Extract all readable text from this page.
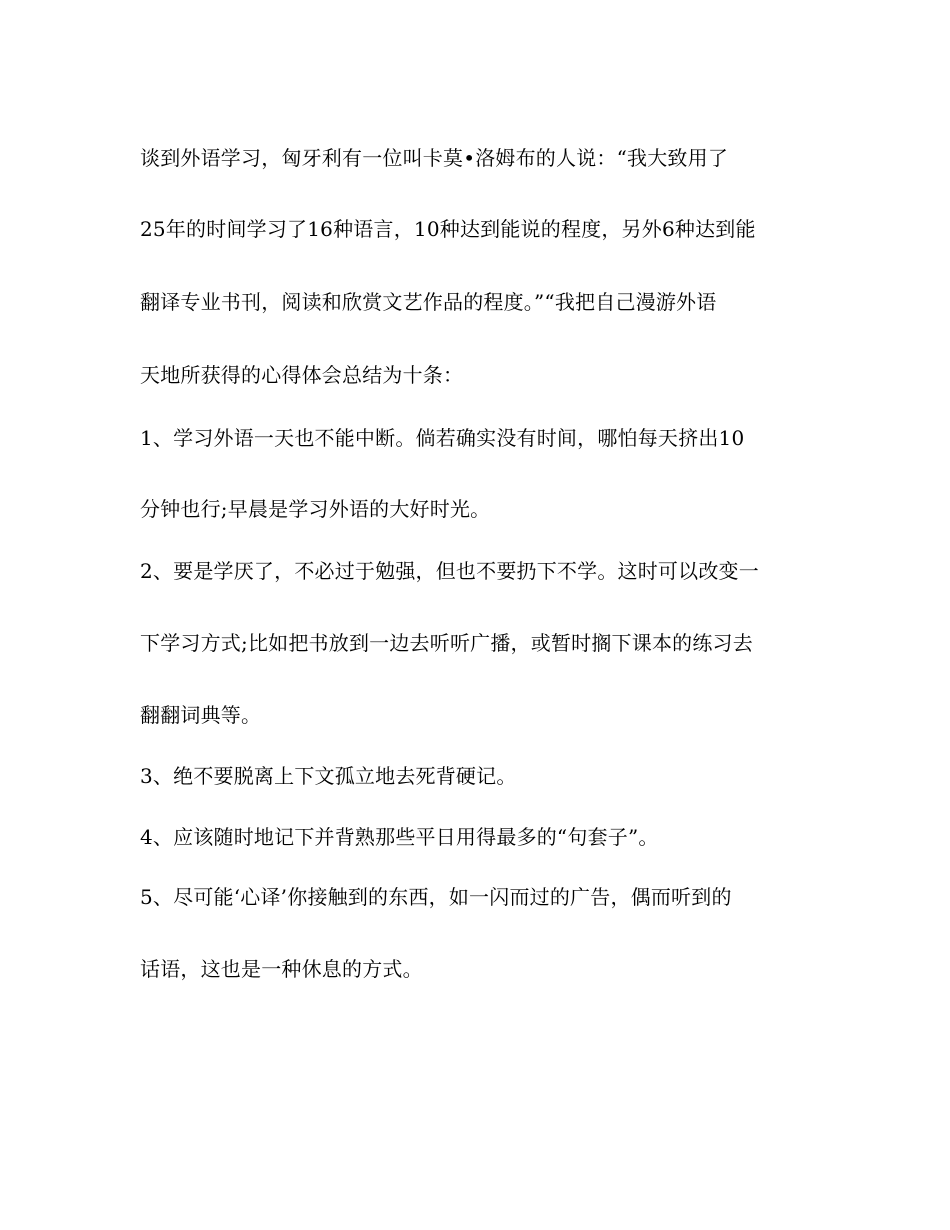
谈到外语学习，匈牙利有一位叫卡莫•洛姆布的人说：“我大致用了
25年的时间学习了16种语言，10种达到能说的程度，另外6种达到能
翻译专业书刊，阅读和欣赏文艺作品的程度。”“我把自己漫游外语
天地所获得的心得体会总结为十条：
1、学习外语一天也不能中断。倘若确实没有时间，哪怕每天挤出10
分钟也行;早晨是学习外语的大好时光。
2、要是学厌了，不必过于勉强，但也不要扔下不学。这时可以改变一
下学习方式;比如把书放到一边去听听广播，或暂时搁下课本的练习去
翻翻词典等。
3、绝不要脱离上下文孤立地去死背硬记。
4、应该随时地记下并背熟那些平日用得最多的“句套子”。
5、尽可能‘心译’你接触到的东西，如一闪而过的广告，偶而听到的
话语，这也是一种休息的方式。
